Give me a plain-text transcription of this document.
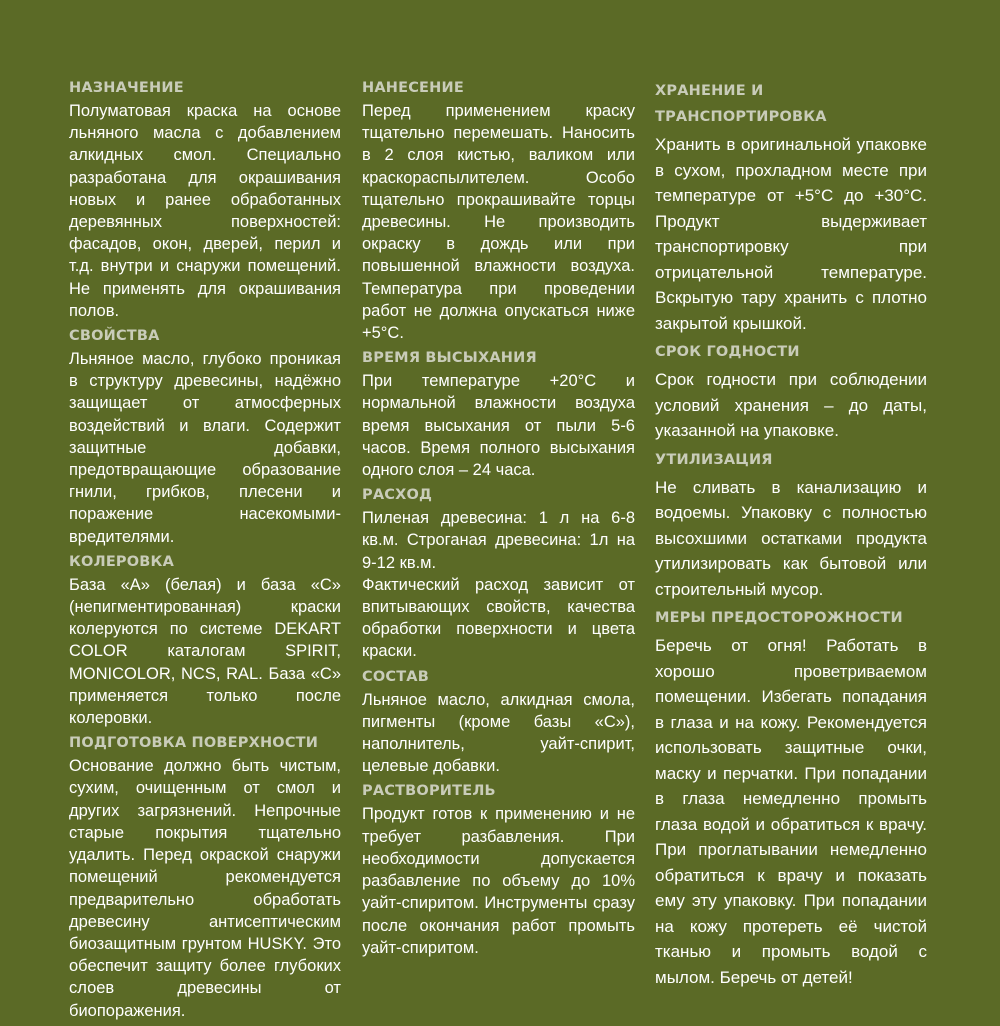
НАЗНАЧЕНИЕ

Полуматовая краска на основе льняного масла с добавлением алкидных смол. Специально разработана для окрашивания новых и ранее обработанных деревянных поверхностей: фасадов, окон, дверей, перил и т.д. внутри и снаружи помещений. Не применять для окрашивания полов.

СВОЙСТВА

Льняное масло, глубоко проникая в структуру древесины, надёжно защищает от атмосферных воздействий и влаги. Содержит защитные добавки, предотвращающие образование гнили, грибков, плесени и поражение насекомыми-вредителями.

КОЛЕРОВКА

База «А» (белая) и база «С» (непигментированная) краски колеруются по системе DEKART COLOR каталогам SPIRIT, MONICOLOR, NCS, RAL. База «С» применяется только после колеровки.

ПОДГОТОВКА ПОВЕРХНОСТИ

Основание должно быть чистым, сухим, очищенным от смол и других загрязнений. Непрочные старые покрытия тщательно удалить. Перед окраской снаружи помещений рекомендуется предварительно обработать древесину антисептическим биозащитным грунтом HUSKY. Это обеспечит защиту более глубоких слоев древесины от биопоражения.

НАНЕСЕНИЕ

Перед применением краску тщательно перемешать. Наносить в 2 слоя кистью, валиком или краскораспылителем. Особо тщательно прокрашивайте торцы древесины. Не производить окраску в дождь или при повышенной влажности воздуха. Температура при проведении работ не должна опускаться ниже +5°С.

ВРЕМЯ ВЫСЫХАНИЯ

При температуре +20°С и нормальной влажности воздуха время высыхания от пыли 5-6 часов. Время полного высыхания одного слоя – 24 часа.

РАСХОД

Пиленая древесина: 1 л на 6-8 кв.м. Строганая древесина: 1л на 9-12 кв.м.
Фактический расход зависит от впитывающих свойств, качества обработки поверхности и цвета краски.

СОСТАВ

Льняное масло, алкидная смола, пигменты (кроме базы «С»), наполнитель, уайт-спирит, целевые добавки.

РАСТВОРИТЕЛЬ

Продукт готов к применению и не требует разбавления. При необходимости допускается разбавление по объему до 10% уайт-спиритом. Инструменты сразу после окончания работ промыть уайт-спиритом.

ХРАНЕНИЕ И
ТРАНСПОРТИРОВКА

Хранить в оригинальной упаковке в сухом, прохладном месте при температуре от +5°С до +30°С. Продукт выдерживает транспортировку при отрицательной температуре. Вскрытую тару хранить с плотно закрытой крышкой.

СРОК ГОДНОСТИ

Срок годности при соблюдении условий хранения – до даты, указанной на упаковке.

УТИЛИЗАЦИЯ

Не сливать в канализацию и водоемы. Упаковку с полностью высохшими остатками продукта утилизировать как бытовой или строительный мусор.

МЕРЫ ПРЕДОСТОРОЖНОСТИ

Беречь от огня! Работать в хорошо проветриваемом помещении. Избегать попадания в глаза и на кожу. Рекомендуется использовать защитные очки, маску и перчатки. При попадании в глаза немедленно промыть глаза водой и обратиться к врачу. При проглатывании немедленно обратиться к врачу и показать ему эту упаковку. При попадании на кожу протереть её чистой тканью и промыть водой с мылом. Беречь от детей!
